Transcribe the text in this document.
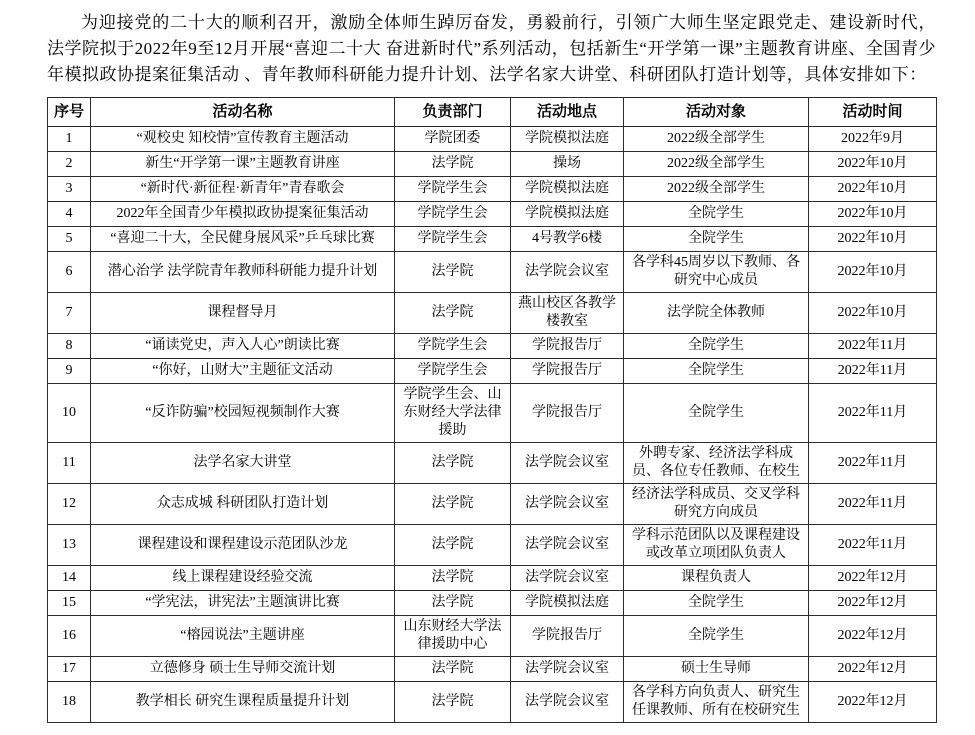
为迎接党的二十大的顺利召开，激励全体师生踔厉奋发，勇毅前行，引领广大师生坚定跟党走、建设新时代，法学院拟于2022年9至12月开展“喜迎二十大 奋进新时代”系列活动，包括新生“开学第一课”主题教育讲座、全国青少年模拟政协提案征集活动 、青年教师科研能力提升计划、法学名家大讲堂、科研团队打造计划等，具体安排如下：

序号	活动名称	负责部门	活动地点	活动对象	活动时间
1	“观校史 知校情”宣传教育主题活动	学院团委	学院模拟法庭	2022级全部学生	2022年9月
2	新生“开学第一课”主题教育讲座	法学院	操场	2022级全部学生	2022年10月
3	“新时代·新征程·新青年”青春歌会	学院学生会	学院模拟法庭	2022级全部学生	2022年10月
4	2022年全国青少年模拟政协提案征集活动	学院学生会	学院模拟法庭	全院学生	2022年10月
5	“喜迎二十大，全民健身展风采”乒乓球比赛	学院学生会	4号教学6楼	全院学生	2022年10月
6	潜心治学 法学院青年教师科研能力提升计划	法学院	法学院会议室	各学科45周岁以下教师、各研究中心成员	2022年10月
7	课程督导月	法学院	燕山校区各教学楼教室	法学院全体教师	2022年10月
8	“诵读党史，声入人心”朗读比赛	学院学生会	学院报告厅	全院学生	2022年11月
9	“你好，山财大”主题征文活动	学院学生会	学院报告厅	全院学生	2022年11月
10	“反诈防骗”校园短视频制作大赛	学院学生会、山东财经大学法律援助	学院报告厅	全院学生	2022年11月
11	法学名家大讲堂	法学院	法学院会议室	外聘专家、经济法学科成员、各位专任教师、在校生	2022年11月
12	众志成城 科研团队打造计划	法学院	法学院会议室	经济法学科成员、交叉学科研究方向成员	2022年11月
13	课程建设和课程建设示范团队沙龙	法学院	法学院会议室	学科示范团队以及课程建设或改革立项团队负责人	2022年11月
14	线上课程建设经验交流	法学院	法学院会议室	课程负责人	2022年12月
15	“学宪法，讲宪法”主题演讲比赛	法学院	学院模拟法庭	全院学生	2022年12月
16	“榕园说法”主题讲座	山东财经大学法律援助中心	学院报告厅	全院学生	2022年12月
17	立德修身 硕士生导师交流计划	法学院	法学院会议室	硕士生导师	2022年12月
18	教学相长 研究生课程质量提升计划	法学院	法学院会议室	各学科方向负责人、研究生任课教师、所有在校研究生	2022年12月
